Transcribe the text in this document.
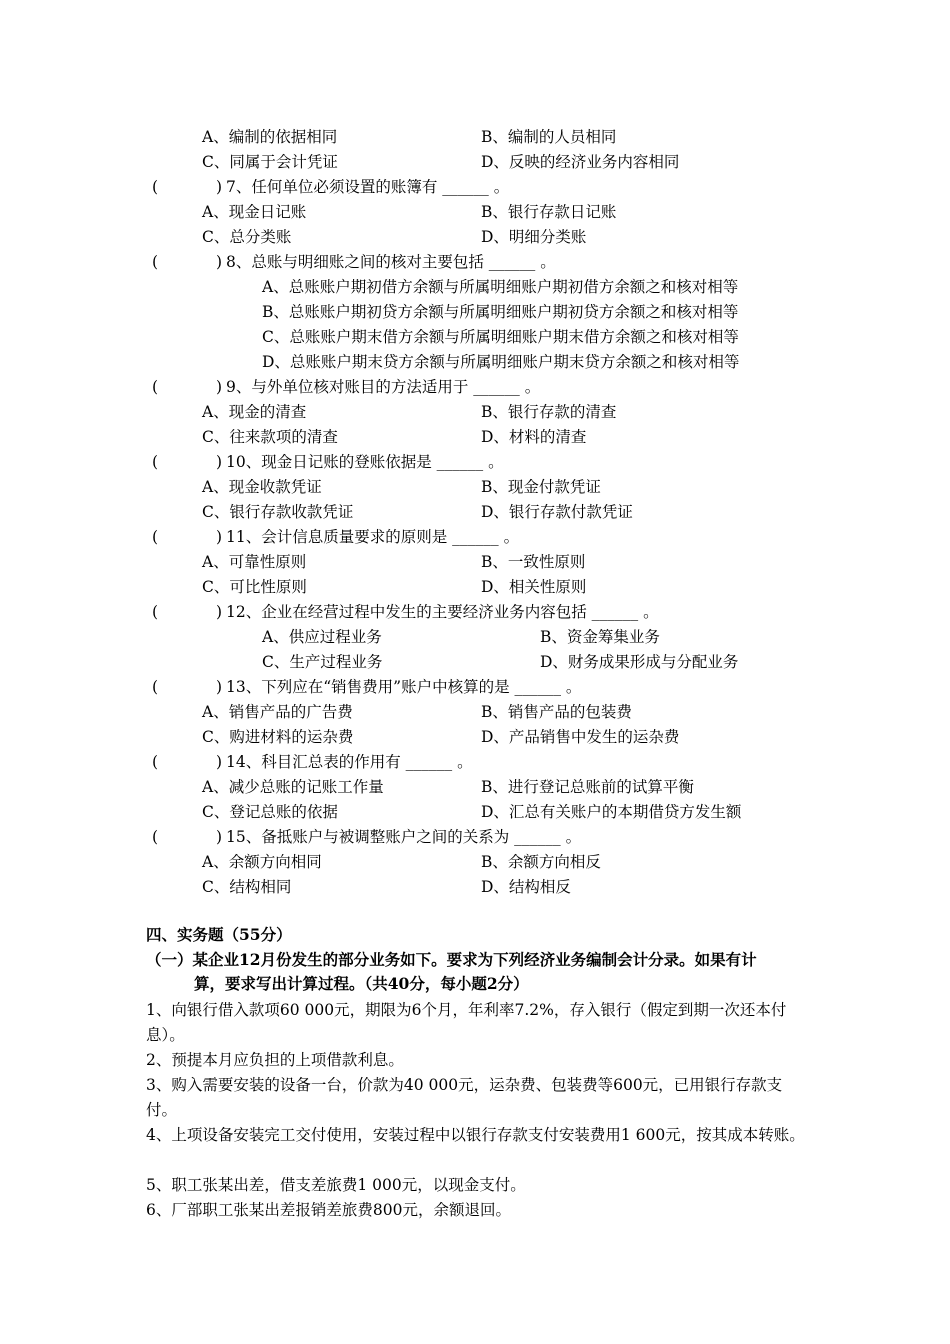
A、编制的依据相同	B、编制的人员相同
C、同属于会计凭证	D、反映的经济业务内容相同
(	) 7、任何单位必须设置的账簿有 ______ 。
A、现金日记账	B、银行存款日记账
C、总分类账	D、明细分类账
(	) 8、总账与明细账之间的核对主要包括 ______ 。
A、总账账户期初借方余额与所属明细账户期初借方余额之和核对相等
B、总账账户期初贷方余额与所属明细账户期初贷方余额之和核对相等
C、总账账户期末借方余额与所属明细账户期末借方余额之和核对相等
D、总账账户期末贷方余额与所属明细账户期末贷方余额之和核对相等
(	) 9、与外单位核对账目的方法适用于 ______ 。
A、现金的清查	B、银行存款的清查
C、往来款项的清查	D、材料的清查
(	) 10、现金日记账的登账依据是 ______ 。
A、现金收款凭证	B、现金付款凭证
C、银行存款收款凭证	D、银行存款付款凭证
(	) 11、会计信息质量要求的原则是 ______ 。
A、可靠性原则	B、一致性原则
C、可比性原则	D、相关性原则
(	) 12、企业在经营过程中发生的主要经济业务内容包括 ______ 。
A、供应过程业务	B、资金筹集业务
C、生产过程业务	D、财务成果形成与分配业务
(	) 13、下列应在“销售费用”账户中核算的是 ______ 。
A、销售产品的广告费	B、销售产品的包装费
C、购进材料的运杂费	D、产品销售中发生的运杂费
(	) 14、科目汇总表的作用有 ______ 。
A、减少总账的记账工作量	B、进行登记总账前的试算平衡
C、登记总账的依据	D、汇总有关账户的本期借贷方发生额
(	) 15、备抵账户与被调整账户之间的关系为 ______ 。
A、余额方向相同	B、余额方向相反
C、结构相同	D、结构相反
四、实务题（55分）
（一）某企业12月份发生的部分业务如下。要求为下列经济业务编制会计分录。如果有计
算，要求写出计算过程。（共40分，每小题2分）
1、向银行借入款项60 000元，期限为6个月，年利率7.2%，存入银行（假定到期一次还本付息）。
2、预提本月应负担的上项借款利息。
3、购入需要安装的设备一台，价款为40 000元，运杂费、包装费等600元，已用银行存款支付。
4、上项设备安装完工交付使用，安装过程中以银行存款支付安装费用1 600元，按其成本转账。
5、职工张某出差，借支差旅费1 000元，以现金支付。
6、厂部职工张某出差报销差旅费800元，余额退回。
